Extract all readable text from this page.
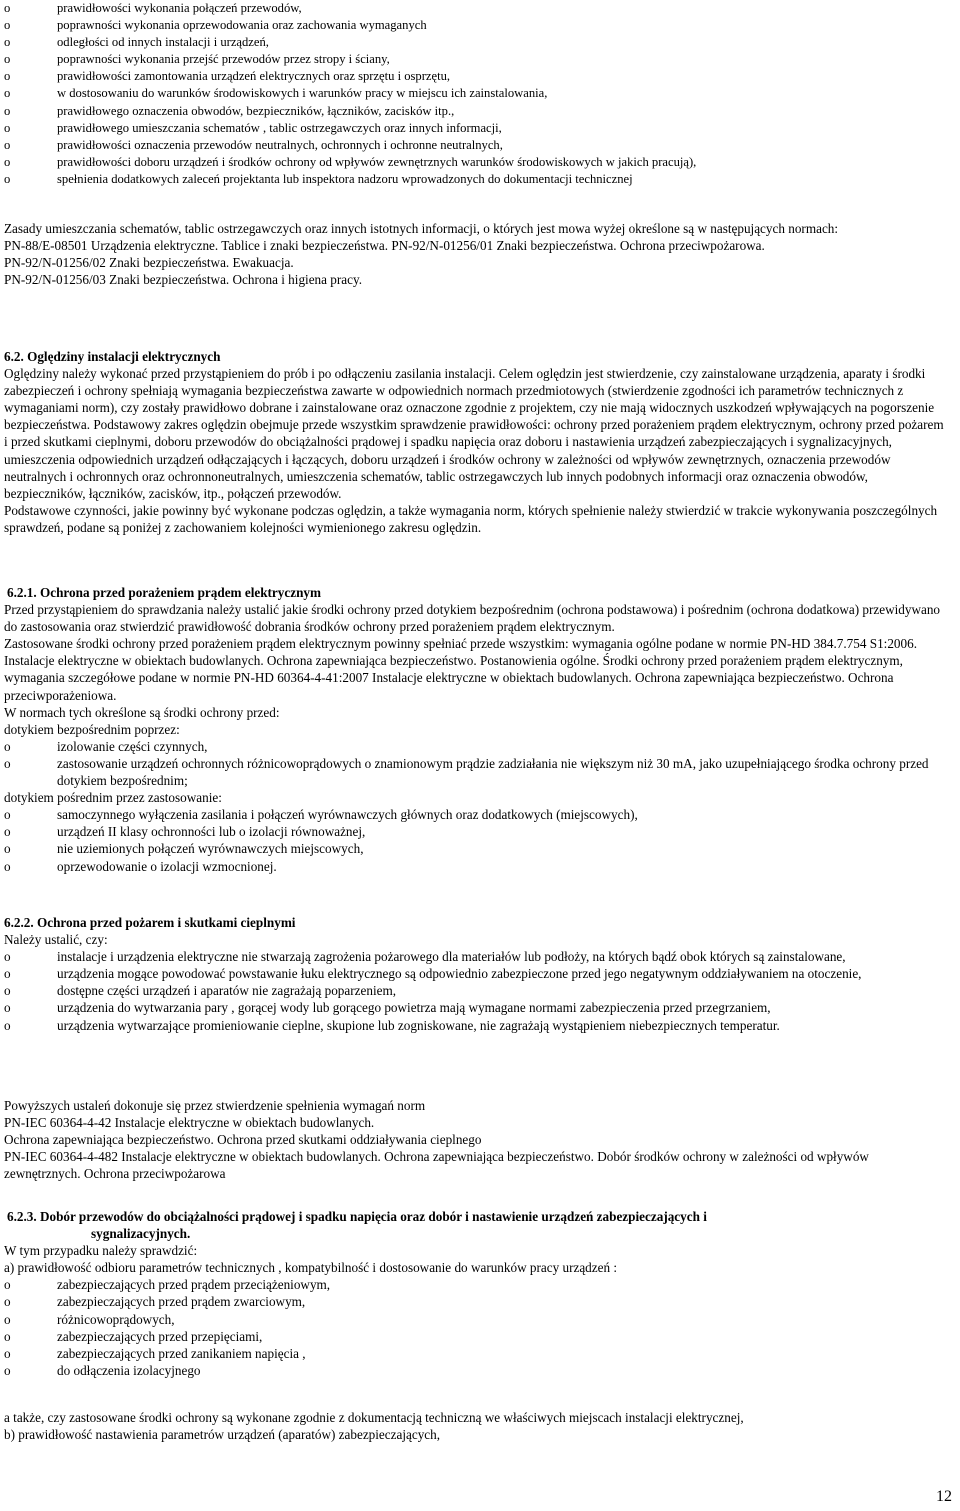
o prawidłowości wykonania połączeń przewodów,
o poprawności wykonania oprzewodowania oraz zachowania wymaganych
o odległości od innych instalacji i urządzeń,
o poprawności wykonania przejść przewodów przez stropy i ściany,
o prawidłowości zamontowania urządzeń elektrycznych oraz sprzętu i osprzętu,
o w dostosowaniu do warunków środowiskowych i warunków pracy w miejscu ich zainstalowania,
o prawidłowego oznaczenia obwodów, bezpieczników, łączników, zacisków itp.,
o prawidłowego umieszczania schematów , tablic ostrzegawczych oraz innych informacji,
o prawidłowości oznaczenia przewodów neutralnych, ochronnych i ochronne neutralnych,
o prawidłowości doboru urządzeń i środków ochrony od wpływów zewnętrznych warunków środowiskowych w jakich pracują),
o spełnienia dodatkowych zaleceń projektanta lub inspektora nadzoru wprowadzonych do dokumentacji technicznej

Zasady umieszczania schematów, tablic ostrzegawczych oraz innych istotnych informacji, o których jest mowa wyżej określone są w następujących normach:

PN-88/E-08501 Urządzenia elektryczne. Tablice i znaki bezpieczeństwa. PN-92/N-01256/01 Znaki bezpieczeństwa. Ochrona przeciwpożarowa.

PN-92/N-01256/02 Znaki bezpieczeństwa. Ewakuacja.

PN-92/N-01256/03 Znaki bezpieczeństwa. Ochrona i higiena pracy.

6.2. Oględziny instalacji elektrycznych

Oględziny należy wykonać przed przystąpieniem do prób i po odłączeniu zasilania instalacji. Celem oględzin jest stwierdzenie, czy zainstalowane urządzenia, aparaty i środki zabezpieczeń i ochrony spełniają wymagania bezpieczeństwa zawarte w odpowiednich normach przedmiotowych (stwierdzenie zgodności ich parametrów technicznych z wymaganiami norm), czy zostały prawidłowo dobrane i zainstalowane oraz oznaczone zgodnie z projektem, czy nie mają widocznych uszkodzeń wpływających na pogorszenie bezpieczeństwa. Podstawowy zakres oględzin obejmuje przede wszystkim sprawdzenie prawidłowości: ochrony przed porażeniem prądem elektrycznym, ochrony przed pożarem i przed skutkami cieplnymi, doboru przewodów do obciążalności prądowej i spadku napięcia oraz doboru i nastawienia urządzeń zabezpieczających i sygnalizacyjnych, umieszczenia odpowiednich urządzeń odłączających i łączących, doboru urządzeń i środków ochrony w zależności od wpływów zewnętrznych, oznaczenia przewodów neutralnych i ochronnych oraz ochronnoneutralnych, umieszczenia schematów, tablic ostrzegawczych lub innych podobnych informacji oraz oznaczenia obwodów, bezpieczników, łączników, zacisków, itp., połączeń przewodów.

Podstawowe czynności, jakie powinny być wykonane podczas oględzin, a także wymagania norm, których spełnienie należy stwierdzić w trakcie wykonywania poszczególnych sprawdzeń, podane są poniżej z zachowaniem kolejności wymienionego zakresu oględzin.

6.2.1. Ochrona przed porażeniem prądem elektrycznym

Przed przystąpieniem do sprawdzania należy ustalić jakie środki ochrony przed dotykiem bezpośrednim (ochrona podstawowa) i pośrednim (ochrona dodatkowa) przewidywano do zastosowania oraz stwierdzić prawidłowość dobrania środków ochrony przed porażeniem prądem elektrycznym.

Zastosowane środki ochrony przed porażeniem prądem elektrycznym powinny spełniać przede wszystkim: wymagania ogólne podane w normie PN-HD 384.7.754 S1:2006. Instalacje elektryczne w obiektach budowlanych. Ochrona zapewniająca bezpieczeństwo. Postanowienia ogólne. Środki ochrony przed porażeniem prądem elektrycznym, wymagania szczegółowe podane w normie PN-HD 60364-4-41:2007 Instalacje elektryczne w obiektach budowlanych. Ochrona zapewniająca bezpieczeństwo. Ochrona przeciwporażeniowa.

W normach tych określone są środki ochrony przed:

dotykiem bezpośrednim poprzez:

o izolowanie części czynnych,
o zastosowanie urządzeń ochronnych różnicowoprądowych o znamionowym prądzie zadziałania nie większym niż 30 mA, jako uzupełniającego środka ochrony przed dotykiem bezpośrednim;

dotykiem pośrednim przez zastosowanie:

o samoczynnego wyłączenia zasilania i połączeń wyrównawczych głównych oraz dodatkowych (miejscowych),
o urządzeń II klasy ochronności lub o izolacji równoważnej,
o nie uziemionych połączeń wyrównawczych miejscowych,
o oprzewodowanie o izolacji wzmocnionej.

6.2.2. Ochrona przed pożarem i skutkami cieplnymi

Należy ustalić, czy:

o instalacje i urządzenia elektryczne nie stwarzają zagrożenia pożarowego dla materiałów lub podłoży, na których bądź obok których są zainstalowane,
o urządzenia mogące powodować powstawanie łuku elektrycznego są odpowiednio zabezpieczone przed jego negatywnym oddziaływaniem na otoczenie,
o dostępne części urządzeń i aparatów nie zagrażają poparzeniem,
o urządzenia do wytwarzania pary , gorącej wody lub gorącego powietrza mają wymagane normami zabezpieczenia przed przegrzaniem,
o urządzenia wytwarzające promieniowanie cieplne, skupione lub zogniskowane, nie zagrażają wystąpieniem niebezpiecznych temperatur.

Powyższych ustaleń dokonuje się przez stwierdzenie spełnienia wymagań norm

PN-IEC 60364-4-42 Instalacje elektryczne w obiektach budowlanych.

Ochrona zapewniająca bezpieczeństwo. Ochrona przed skutkami oddziaływania cieplnego

PN-IEC 60364-4-482 Instalacje elektryczne w obiektach budowlanych. Ochrona zapewniająca bezpieczeństwo. Dobór środków ochrony w zależności od wpływów zewnętrznych. Ochrona przeciwpożarowa

6.2.3. Dobór przewodów do obciążalności prądowej i spadku napięcia oraz dobór i nastawienie urządzeń zabezpieczających i

sygnalizacyjnych.

W tym przypadku należy sprawdzić:

a) prawidłowość odbioru parametrów technicznych , kompatybilność i dostosowanie do warunków pracy urządzeń :

o zabezpieczających przed prądem przeciążeniowym,
o zabezpieczających przed prądem zwarciowym,
o różnicowoprądowych,
o zabezpieczających przed przepięciami,
o zabezpieczających przed zanikaniem napięcia ,
o do odłączenia izolacyjnego

a także, czy zastosowane środki ochrony są wykonane zgodnie z dokumentacją techniczną we właściwych miejscach instalacji elektrycznej,

b) prawidłowość nastawienia parametrów urządzeń (aparatów) zabezpieczających,

12
